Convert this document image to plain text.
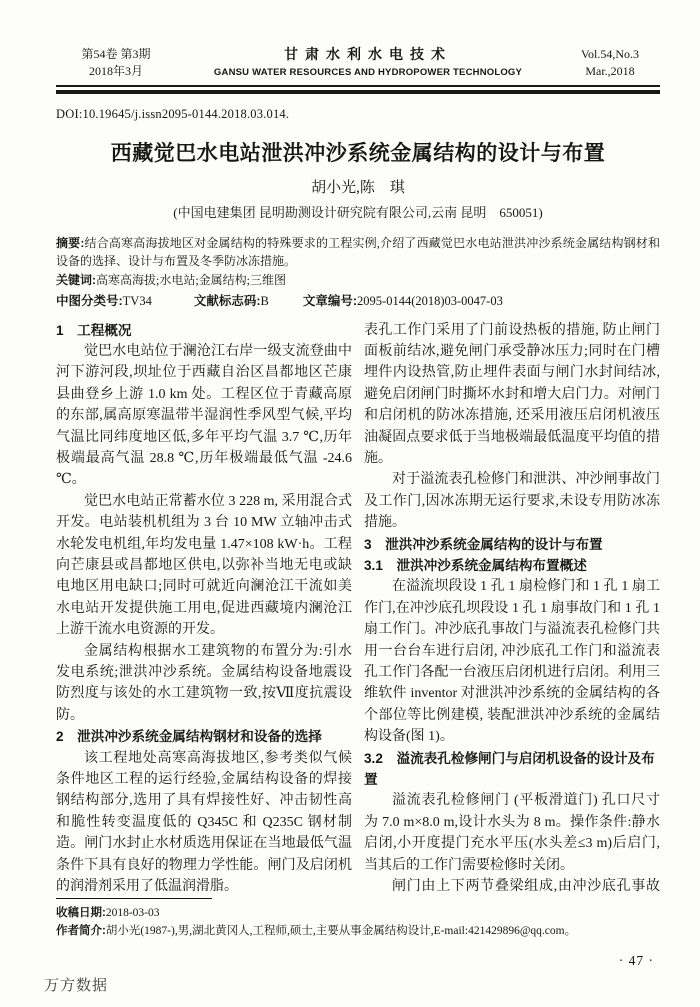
第54卷 第3期
2018年3月
甘肃水利水电技术
GANSU WATER RESOURCES AND HYDROPOWER TECHNOLOGY
Vol.54,No.3
Mar.,2018
DOI:10.19645/j.issn2095-0144.2018.03.014.
西藏觉巴水电站泄洪冲沙系统金属结构的设计与布置
胡小光,陈　琪
(中国电建集团 昆明勘测设计研究院有限公司,云南 昆明　650051)

摘要:结合高寒高海拔地区对金属结构的特殊要求的工程实例,介绍了西藏觉巴水电站泄洪冲沙系统金属结构钢材和设备的选择、设计与布置及冬季防冰冻措施。

关键词:高寒高海拔;水电站;金属结构;三维图

中图分类号:TV34	文献标志码:B	文章编号:2095-0144(2018)03-0047-03
1　工程概况

觉巴水电站位于澜沧江右岸一级支流登曲中河下游河段,坝址位于西藏自治区昌都地区芒康县曲登乡上游 1.0 km 处。工程区位于青藏高原的东部,属高原寒温带半湿润性季风型气候,平均气温比同纬度地区低,多年平均气温 3.7 ℃,历年极端最高气温 28.8 ℃,历年极端最低气温 -24.6 ℃。

觉巴水电站正常蓄水位 3 228 m, 采用混合式开发。电站装机机组为 3 台 10 MW 立轴冲击式水轮发电机组,年均发电量 1.47×108 kW·h。工程向芒康县或昌都地区供电,以弥补当地无电或缺电地区用电缺口;同时可就近向澜沧江干流如美水电站开发提供施工用电,促进西藏境内澜沧江上游干流水电资源的开发。

金属结构根据水工建筑物的布置分为:引水发电系统;泄洪冲沙系统。金属结构设备地震设防烈度与该处的水工建筑物一致,按Ⅶ度抗震设防。

2　泄洪冲沙系统金属结构钢材和设备的选择

该工程地处高寒高海拔地区,参考类似气候条件地区工程的运行经验,金属结构设备的焊接钢结构部分,选用了具有焊接性好、冲击韧性高和脆性转变温度低的 Q345C 和 Q235C 钢材制造。闸门水封止水材质选用保证在当地最低气温条件下具有良好的物理力学性能。闸门及启闭机的润滑剂采用了低温润滑脂。

表孔工作门采用了门前设热板的措施, 防止闸门面板前结冰,避免闸门承受静冰压力;同时在门槽埋件内设热管,防止埋件表面与闸门水封间结冰,避免启闭闸门时撕坏水封和增大启门力。对闸门和启闭机的防冰冻措施, 还采用液压启闭机液压油凝固点要求低于当地极端最低温度平均值的措施。

对于溢流表孔检修门和泄洪、冲沙闸事故门及工作门,因冰冻期无运行要求,未设专用防冰冻措施。

3　泄洪冲沙系统金属结构的设计与布置
3.1　泄洪冲沙系统金属结构布置概述

在溢流坝段设 1 孔 1 扇检修门和 1 孔 1 扇工作门,在冲沙底孔坝段设 1 孔 1 扇事故门和 1 孔 1 扇工作门。冲沙底孔事故门与溢流表孔检修门共用一台台车进行启闭, 冲沙底孔工作门和溢流表孔工作门各配一台液压启闭机进行启闭。利用三维软件 inventor 对泄洪冲沙系统的金属结构的各个部位等比例建模, 装配泄洪冲沙系统的金属结构设备(图 1)。

3.2　溢流表孔检修闸门与启闭机设备的设计及布置

溢流表孔检修闸门 (平板滑道门) 孔口尺寸为 7.0 m×8.0 m,设计水头为 8 m。操作条件:静水启闭,小开度提门充水平压(水头差≤3 m)后启门,当其后的工作门需要检修时关闭。

闸门由上下两节叠梁组成,由冲沙底孔事故

收稿日期:2018-03-03
作者简介:胡小光(1987-),男,湖北黄冈人,工程师,硕士,主要从事金属结构设计,E-mail:421429896@qq.com。
· 47 ·
万方数据
